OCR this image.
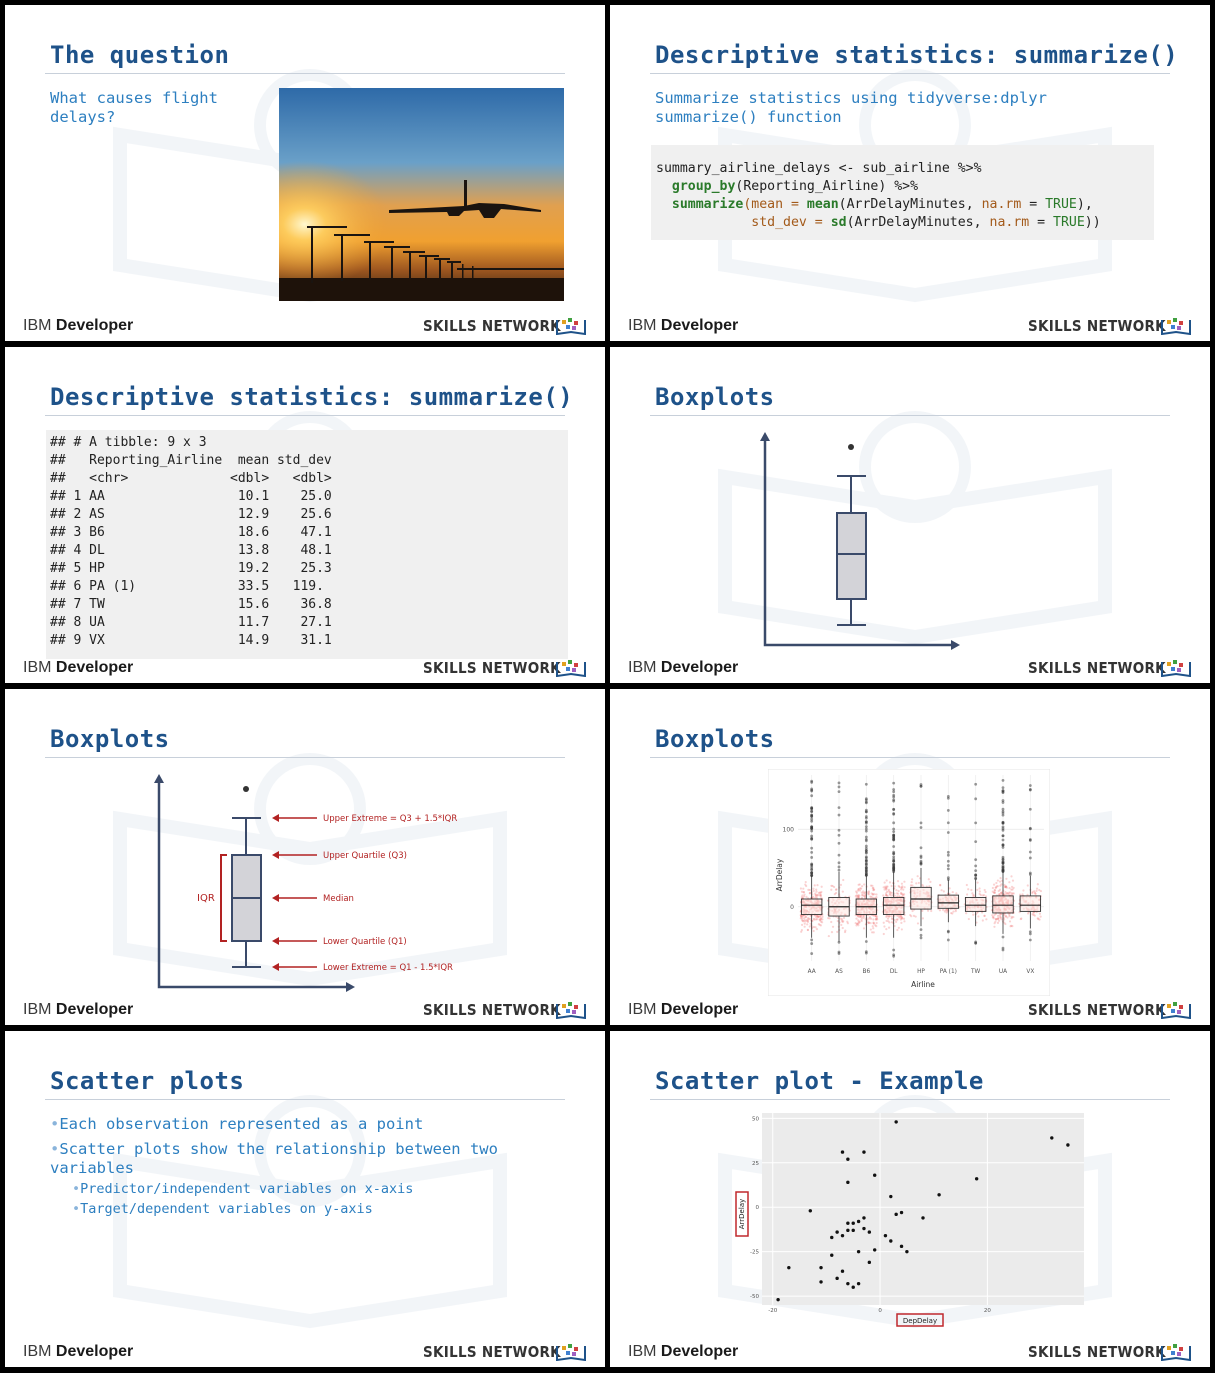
The question
What causes flight
delays?
IBM Developer	SKILLS NETWORK
Descriptive statistics: summarize()
Summarize statistics using tidyverse:dplyr
summarize() function
summary_airline_delays <- sub_airline %>%
group_by(Reporting_Airline) %>%
summarize(mean = mean(ArrDelayMinutes, na.rm = TRUE),
std_dev = sd(ArrDelayMinutes, na.rm = TRUE))
IBM Developer	SKILLS NETWORK
Descriptive statistics: summarize()
## # A tibble: 9 x 3
##   Reporting_Airline  mean std_dev
##   <chr>             <dbl>   <dbl>
## 1 AA                 10.1    25.0
## 2 AS                 12.9    25.6
## 3 B6                 18.6    47.1
## 4 DL                 13.8    48.1
## 5 HP                 19.2    25.3
## 6 PA (1)             33.5   119.
## 7 TW                 15.6    36.8
## 8 UA                 11.7    27.1
## 9 VX                 14.9    31.1
IBM Developer	SKILLS NETWORK
Boxplots
IBM Developer	SKILLS NETWORK
Boxplots
IQR
Upper Extreme = Q3 + 1.5*IQR
Upper Quartile (Q3)
Median
Lower Quartile (Q1)
Lower Extreme = Q1 - 1.5*IQR
IBM Developer	SKILLS NETWORK
Boxplots
0
100
AA	AS	B6	DL	HP	PA (1) TW	UA	VX
Airline
ArrDelay
IBM Developer	SKILLS NETWORK
Scatter plots
•Each observation represented as a point
•Scatter plots show the relationship between two
variables
•Predictor/independent variables on x-axis
•Target/dependent variables on y-axis
IBM Developer	SKILLS NETWORK
Scatter plot - Example
-50
-25
0
25
50
-20	0	20
DepDelay
ArrDelay
IBM Developer	SKILLS NETWORK
